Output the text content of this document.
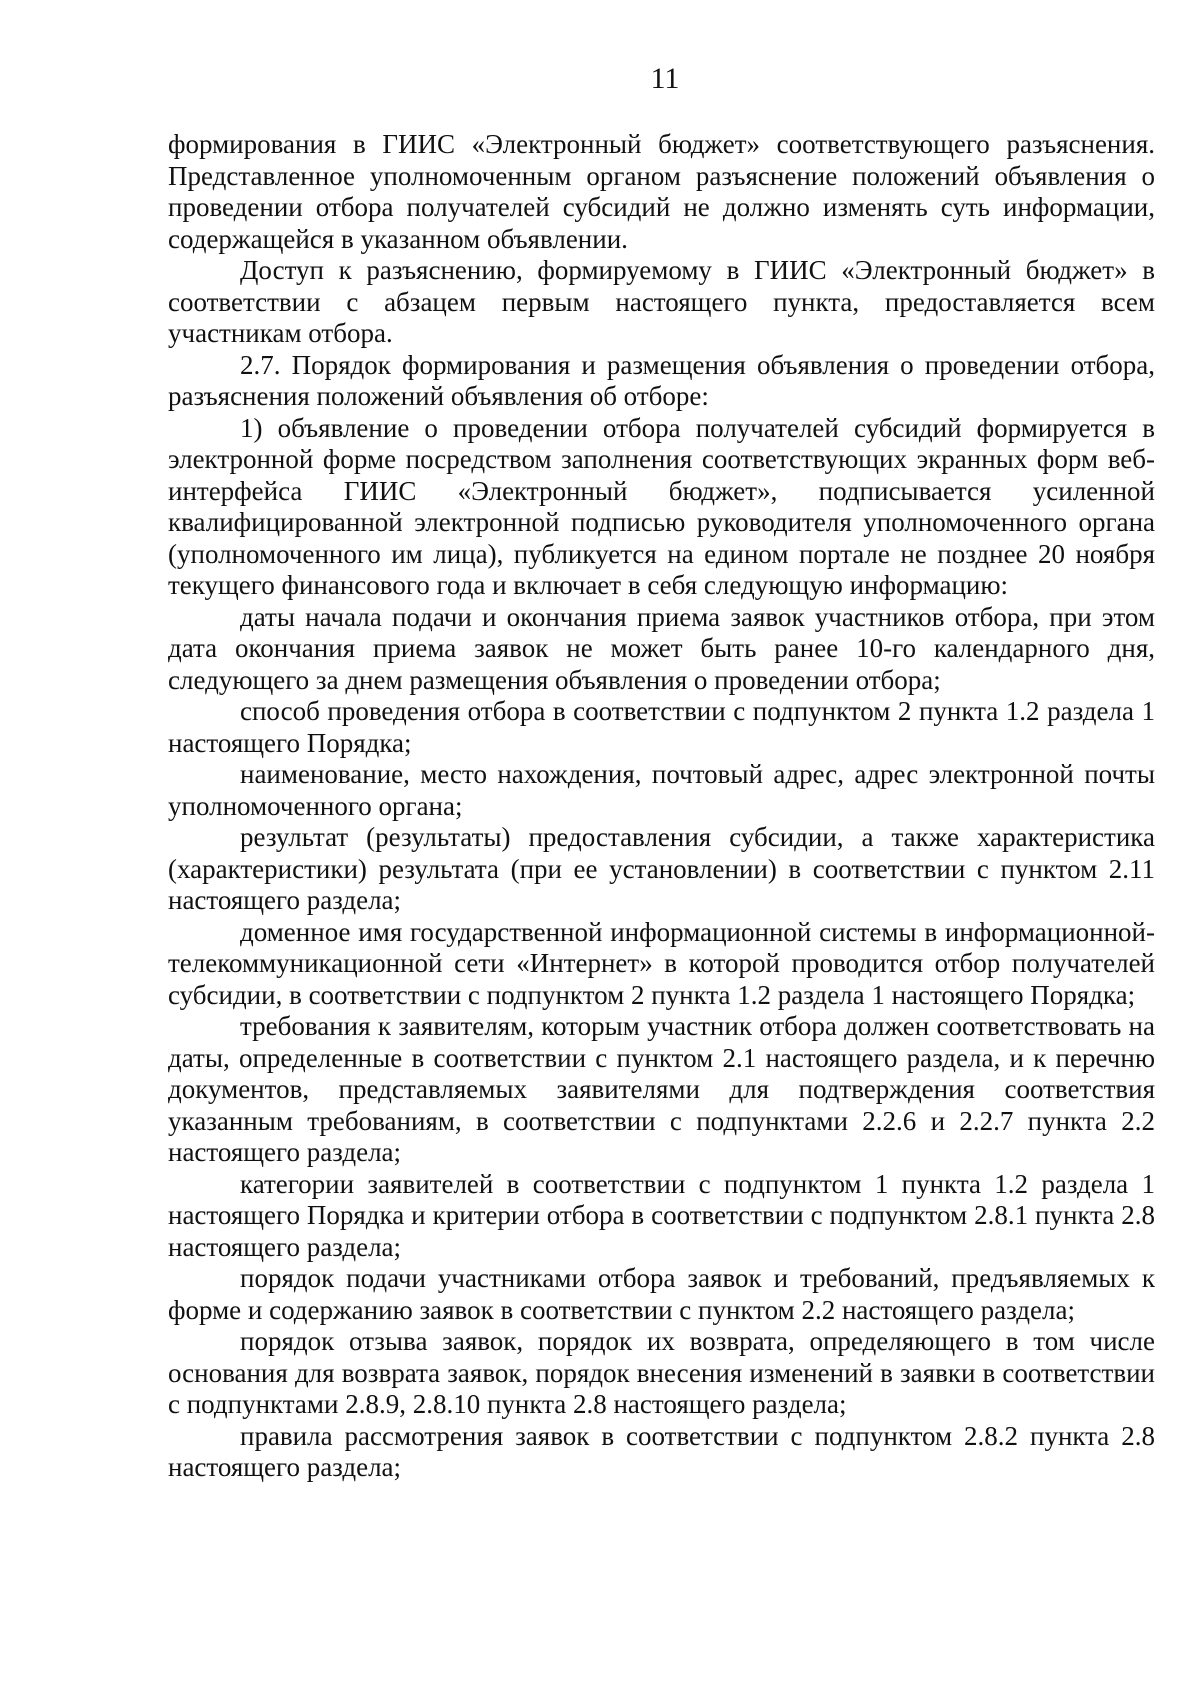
11

формирования в ГИИС «Электронный бюджет» соответствующего разъяснения. Представленное уполномоченным органом разъяснение положений объявления о проведении отбора получателей субсидий не должно изменять суть информации, содержащейся в указанном объявлении.

Доступ к разъяснению, формируемому в ГИИС «Электронный бюджет» в соответствии с абзацем первым настоящего пункта, предоставляется всем участникам отбора.

2.7. Порядок формирования и размещения объявления о проведении отбора, разъяснения положений объявления об отборе:

1) объявление о проведении отбора получателей субсидий формируется в электронной форме посредством заполнения соответствующих экранных форм веб-интерфейса ГИИС «Электронный бюджет», подписывается усиленной квалифицированной электронной подписью руководителя уполномоченного органа (уполномоченного им лица), публикуется на едином портале не позднее 20 ноября текущего финансового года и включает в себя следующую информацию:

даты начала подачи и окончания приема заявок участников отбора, при этом дата окончания приема заявок не может быть ранее 10-го календарного дня, следующего за днем размещения объявления о проведении отбора;

способ проведения отбора в соответствии с подпунктом 2 пункта 1.2 раздела 1 настоящего Порядка;

наименование, место нахождения, почтовый адрес, адрес электронной почты уполномоченного органа;

результат (результаты) предоставления субсидии, а также характеристика (характеристики) результата (при ее установлении) в соответствии с пунктом 2.11 настоящего раздела;

доменное имя государственной информационной системы в информационной-телекоммуникационной сети «Интернет» в которой проводится отбор получателей субсидии, в соответствии с подпунктом 2 пункта 1.2 раздела 1 настоящего Порядка;

требования к заявителям, которым участник отбора должен соответствовать на даты, определенные в соответствии с пунктом 2.1 настоящего раздела, и к перечню документов, представляемых заявителями для подтверждения соответствия указанным требованиям, в соответствии с подпунктами 2.2.6 и 2.2.7 пункта 2.2 настоящего раздела;

категории заявителей в соответствии с подпунктом 1 пункта 1.2 раздела 1 настоящего Порядка и критерии отбора в соответствии с подпунктом 2.8.1 пункта 2.8 настоящего раздела;

порядок подачи участниками отбора заявок и требований, предъявляемых к форме и содержанию заявок в соответствии с пунктом 2.2 настоящего раздела;

порядок отзыва заявок, порядок их возврата, определяющего в том числе основания для возврата заявок, порядок внесения изменений в заявки в соответствии с подпунктами 2.8.9, 2.8.10 пункта 2.8 настоящего раздела;

правила рассмотрения заявок в соответствии с подпунктом 2.8.2 пункта 2.8 настоящего раздела;
